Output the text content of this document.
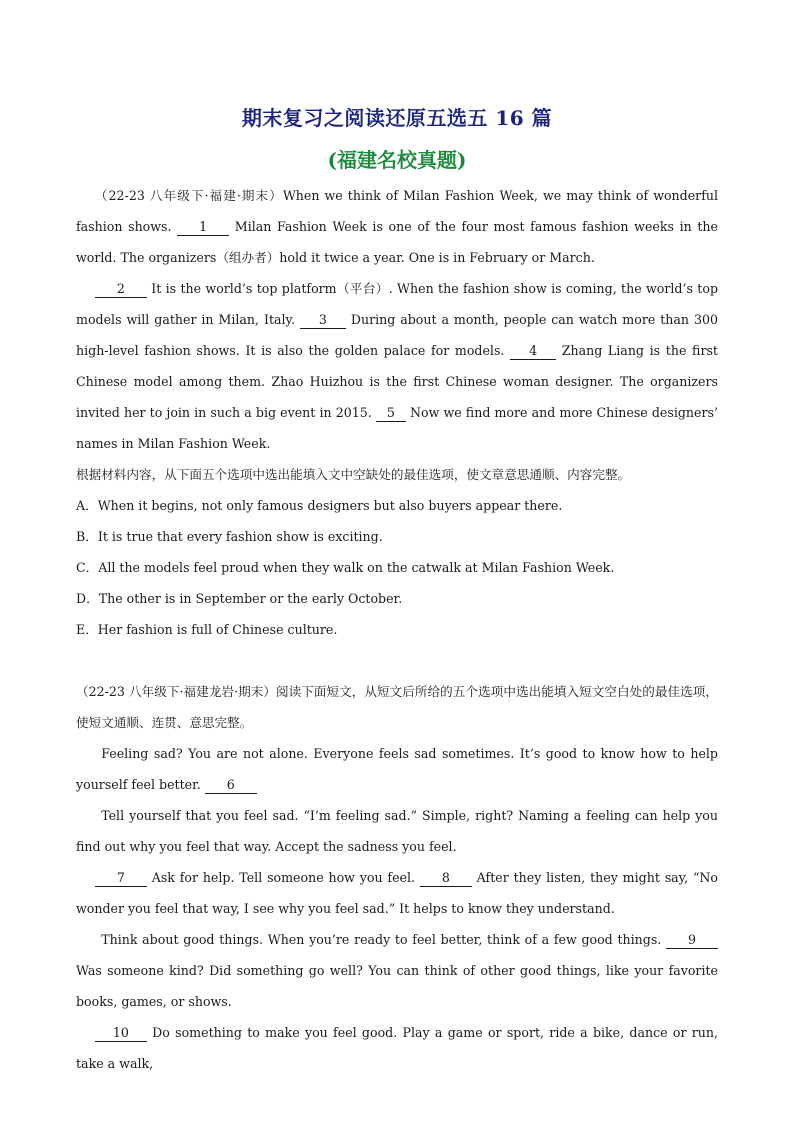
期末复习之阅读还原五选五 16 篇
(福建名校真题)

（22-23 八年级下·福建·期末）When we think of Milan Fashion Week, we may think of wonderful fashion shows. 1 Milan Fashion Week is one of the four most famous fashion weeks in the world. The organizers（组办者）hold it twice a year. One is in February or March.

2 It is the world’s top platform（平台）. When the fashion show is coming, the world’s top models will gather in Milan, Italy. 3 During about a month, people can watch more than 300 high-level fashion shows. It is also the golden palace for models. 4 Zhang Liang is the first Chinese model among them. Zhao Huizhou is the first Chinese woman designer. The organizers invited her to join in such a big event in 2015. 5 Now we find more and more Chinese designers’ names in Milan Fashion Week.

根据材料内容，从下面五个选项中选出能填入文中空缺处的最佳选项，使文章意思通顺、内容完整。

A．When it begins, not only famous designers but also buyers appear there.

B．It is true that every fashion show is exciting.

C．All the models feel proud when they walk on the catwalk at Milan Fashion Week.

D．The other is in September or the early October.

E．Her fashion is full of Chinese culture.

（22-23 八年级下·福建龙岩·期末）阅读下面短文，从短文后所给的五个选项中选出能填入短文空白处的最佳选项，使短文通顺、连贯、意思完整。

Feeling sad? You are not alone. Everyone feels sad sometimes. It’s good to know how to help yourself feel better. 6

Tell yourself that you feel sad. “I’m feeling sad.” Simple, right? Naming a feeling can help you find out why you feel that way. Accept the sadness you feel.

7 Ask for help. Tell someone how you feel. 8 After they listen, they might say, “No wonder you feel that way, I see why you feel sad.” It helps to know they understand.

Think about good things. When you’re ready to feel better, think of a few good things. 9 Was someone kind? Did something go well? You can think of other good things, like your favorite books, games, or shows.

10 Do something to make you feel good. Play a game or sport, ride a bike, dance or run, take a walk,
